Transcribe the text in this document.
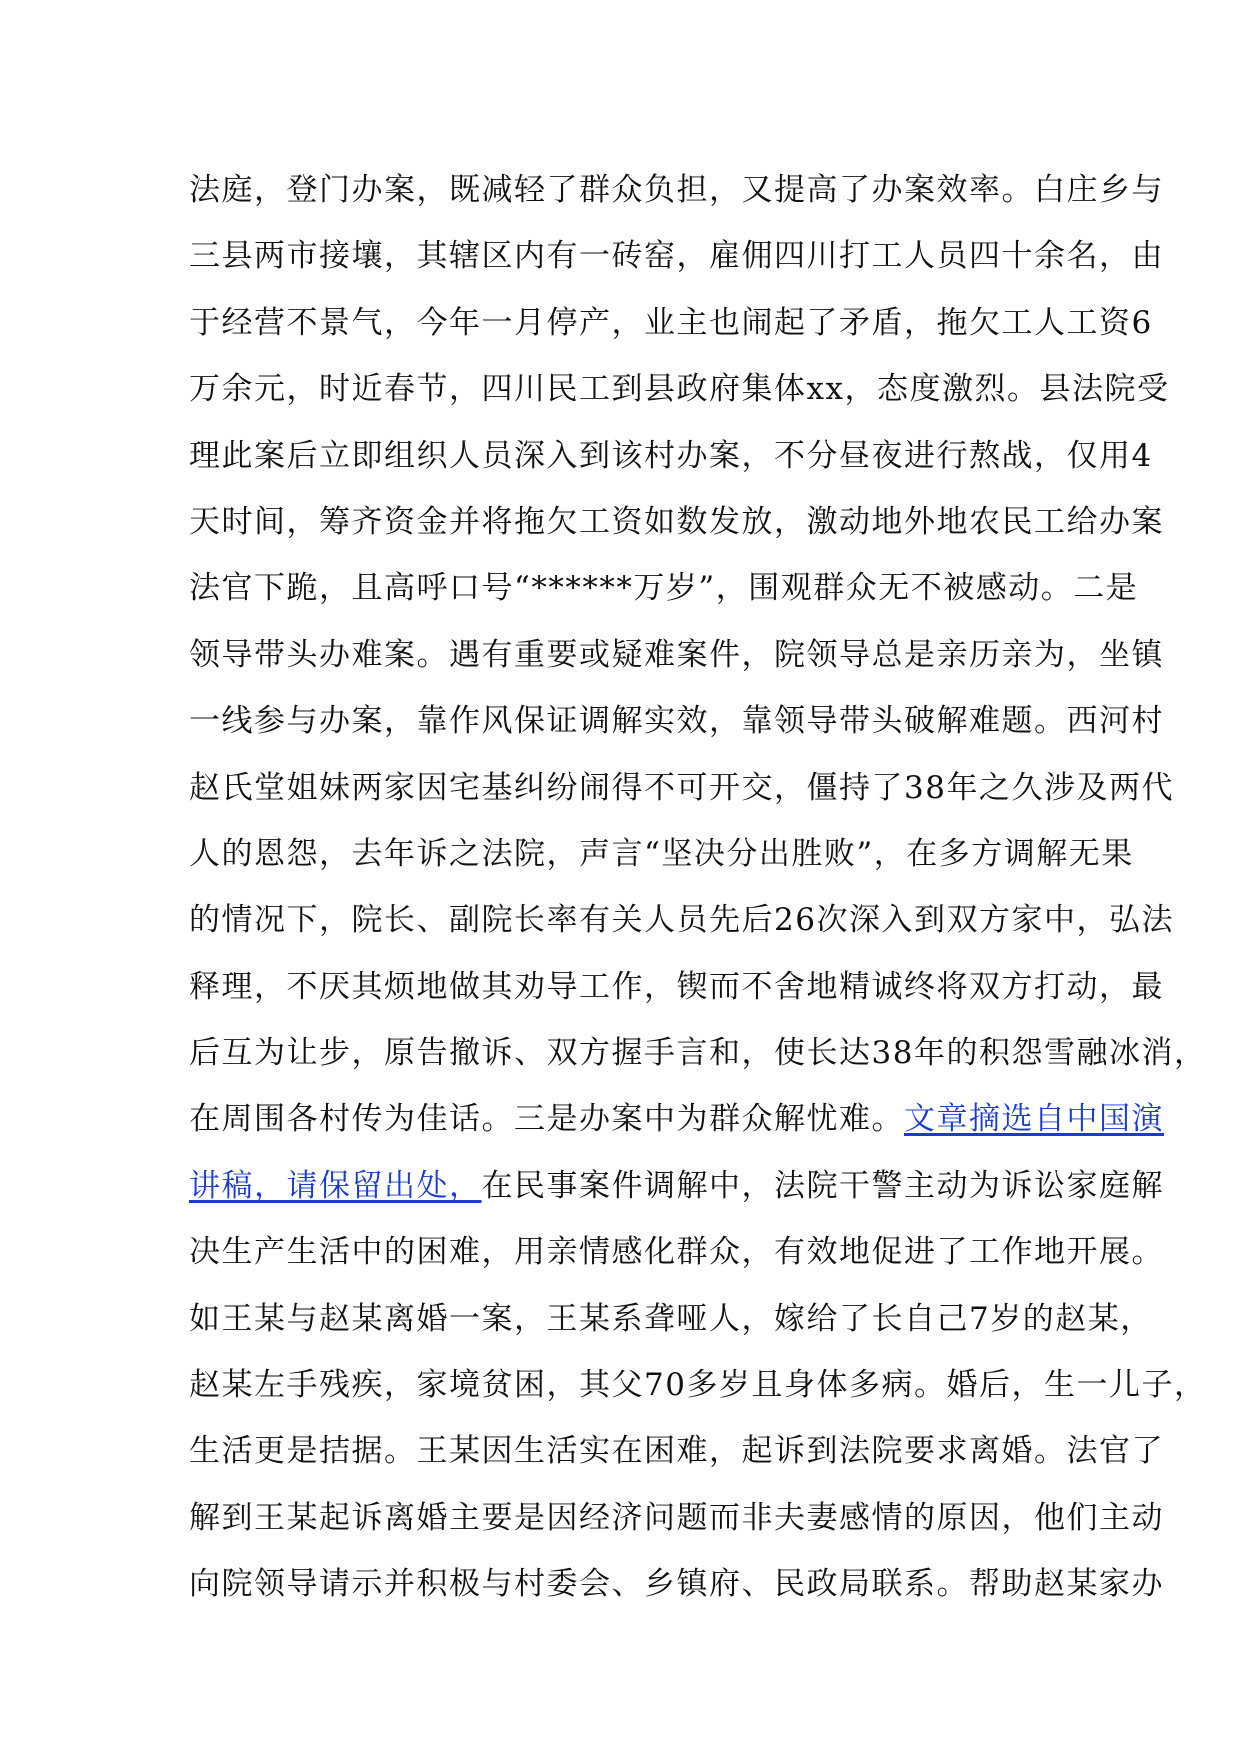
法庭，登门办案，既减轻了群众负担，又提高了办案效率。白庄乡与
三县两市接壤，其辖区内有一砖窑，雇佣四川打工人员四十余名，由
于经营不景气，今年一月停产，业主也闹起了矛盾，拖欠工人工资6
万余元，时近春节，四川民工到县政府集体xx，态度激烈。县法院受
理此案后立即组织人员深入到该村办案，不分昼夜进行熬战，仅用4
天时间，筹齐资金并将拖欠工资如数发放，激动地外地农民工给办案
法官下跪，且高呼口号“******万岁”，围观群众无不被感动。二是
领导带头办难案。遇有重要或疑难案件，院领导总是亲历亲为，坐镇
一线参与办案，靠作风保证调解实效，靠领导带头破解难题。西河村
赵氏堂姐妹两家因宅基纠纷闹得不可开交，僵持了38年之久涉及两代
人的恩怨，去年诉之法院，声言“坚决分出胜败”，在多方调解无果
的情况下，院长、副院长率有关人员先后26次深入到双方家中，弘法
释理，不厌其烦地做其劝导工作，锲而不舍地精诚终将双方打动，最
后互为让步，原告撤诉、双方握手言和，使长达38年的积怨雪融冰消，
在周围各村传为佳话。三是办案中为群众解忧难。文章摘选自中国演
讲稿，请保留出处，在民事案件调解中，法院干警主动为诉讼家庭解
决生产生活中的困难，用亲情感化群众，有效地促进了工作地开展。
如王某与赵某离婚一案，王某系聋哑人，嫁给了长自己7岁的赵某，
赵某左手残疾，家境贫困，其父70多岁且身体多病。婚后，生一儿子，
生活更是拮据。王某因生活实在困难，起诉到法院要求离婚。法官了
解到王某起诉离婚主要是因经济问题而非夫妻感情的原因，他们主动
向院领导请示并积极与村委会、乡镇府、民政局联系。帮助赵某家办
